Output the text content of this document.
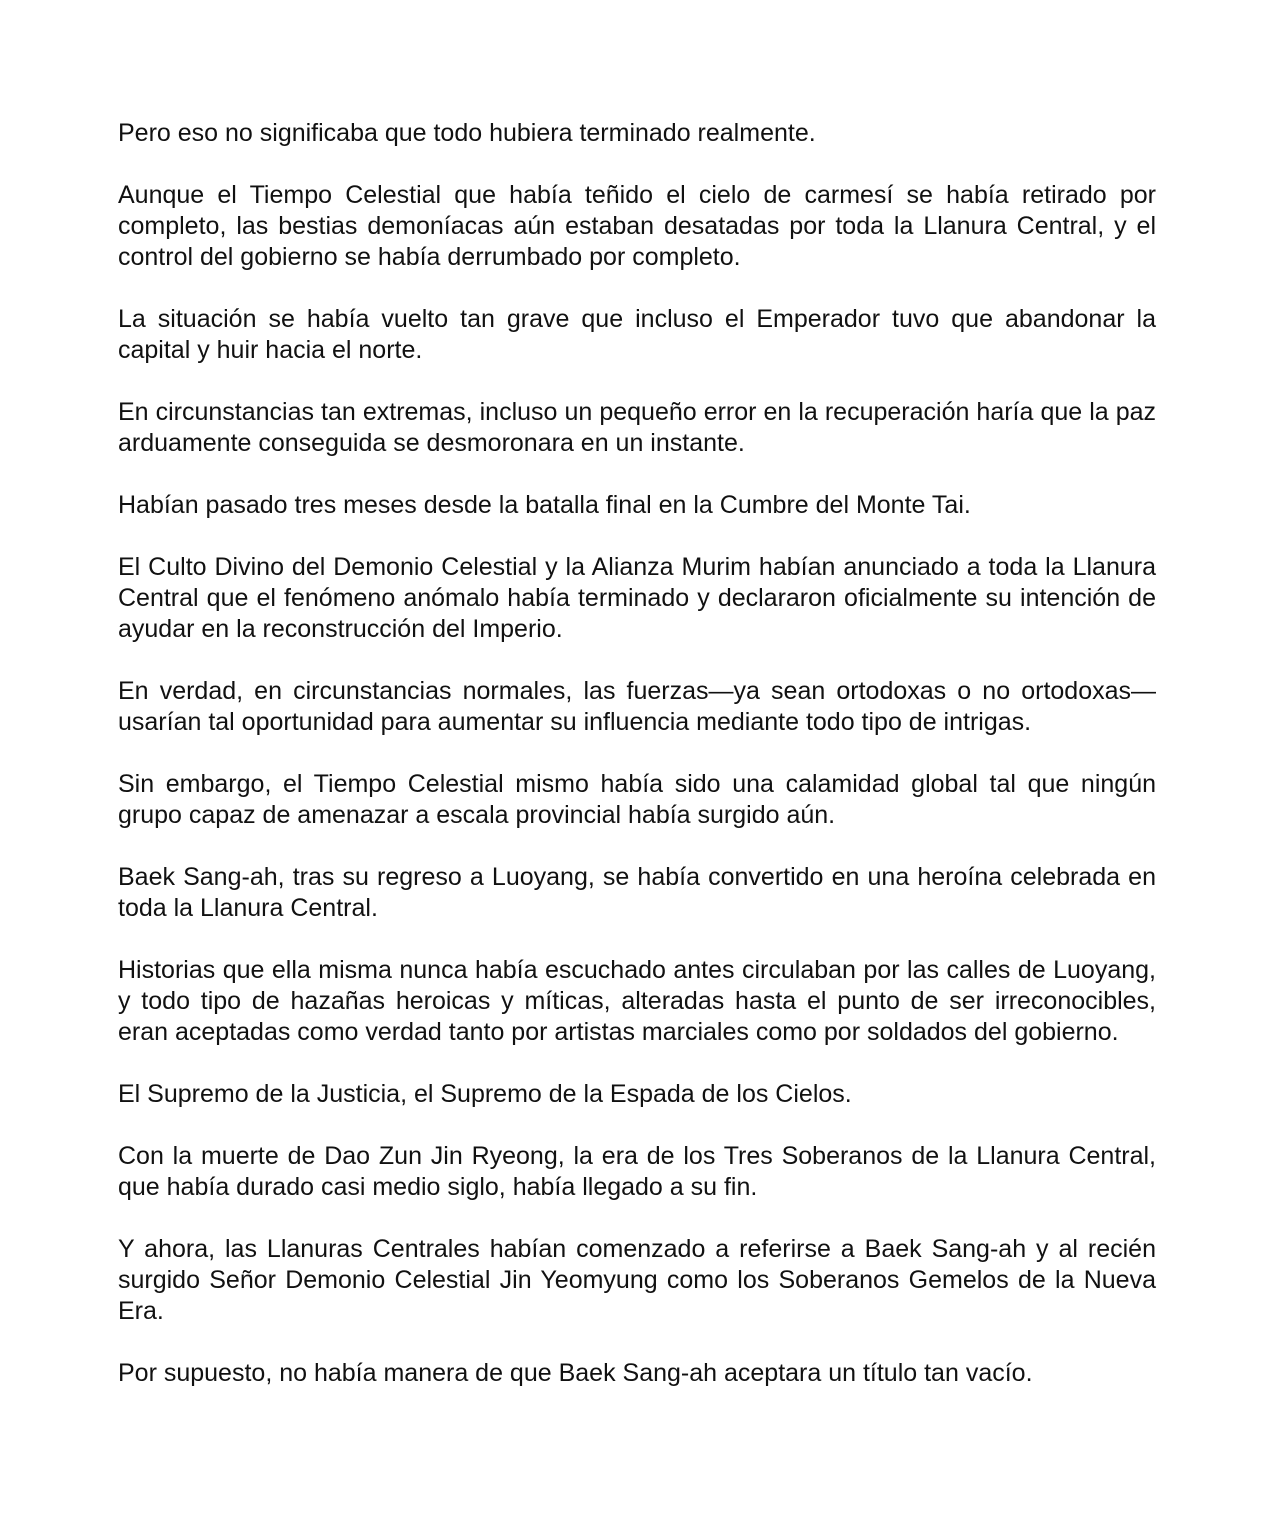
Pero eso no significaba que todo hubiera terminado realmente.

Aunque el Tiempo Celestial que había teñido el cielo de carmesí se había retirado por completo, las bestias demoníacas aún estaban desatadas por toda la Llanura Central, y el control del gobierno se había derrumbado por completo.

La situación se había vuelto tan grave que incluso el Emperador tuvo que abandonar la capital y huir hacia el norte.

En circunstancias tan extremas, incluso un pequeño error en la recuperación haría que la paz arduamente conseguida se desmoronara en un instante.

Habían pasado tres meses desde la batalla final en la Cumbre del Monte Tai.

El Culto Divino del Demonio Celestial y la Alianza Murim habían anunciado a toda la Llanura Central que el fenómeno anómalo había terminado y declararon oficialmente su intención de ayudar en la reconstrucción del Imperio.

En verdad, en circunstancias normales, las fuerzas—ya sean ortodoxas o no ortodoxas—usarían tal oportunidad para aumentar su influencia mediante todo tipo de intrigas.

Sin embargo, el Tiempo Celestial mismo había sido una calamidad global tal que ningún grupo capaz de amenazar a escala provincial había surgido aún.

Baek Sang-ah, tras su regreso a Luoyang, se había convertido en una heroína celebrada en toda la Llanura Central.

Historias que ella misma nunca había escuchado antes circulaban por las calles de Luoyang, y todo tipo de hazañas heroicas y míticas, alteradas hasta el punto de ser irreconocibles, eran aceptadas como verdad tanto por artistas marciales como por soldados del gobierno.

El Supremo de la Justicia, el Supremo de la Espada de los Cielos.

Con la muerte de Dao Zun Jin Ryeong, la era de los Tres Soberanos de la Llanura Central, que había durado casi medio siglo, había llegado a su fin.

Y ahora, las Llanuras Centrales habían comenzado a referirse a Baek Sang-ah y al recién surgido Señor Demonio Celestial Jin Yeomyung como los Soberanos Gemelos de la Nueva Era.

Por supuesto, no había manera de que Baek Sang-ah aceptara un título tan vacío.
